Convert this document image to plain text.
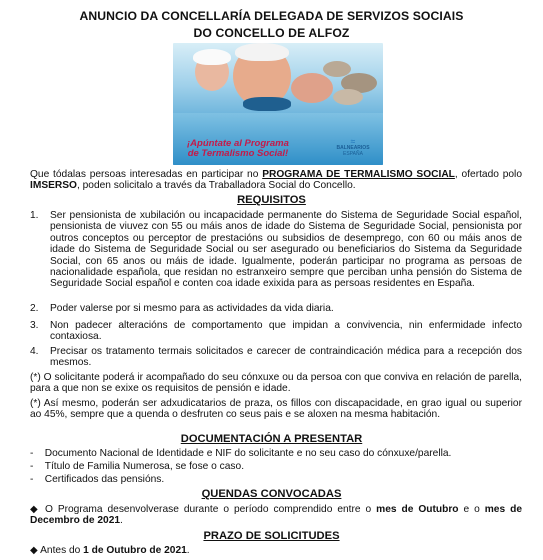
ANUNCIO DA CONCELLARÍA DELEGADA DE SERVIZOS SOCIAIS
DO CONCELLO DE ALFOZ
≈
BALNEARIOS
ESPAÑA
¡Apúntate al Programa
de Termalismo Social!
Que tódalas persoas interesadas en participar no PROGRAMA DE TERMALISMO SOCIAL, ofertado polo IMSERSO, poden solicitalo a través da Traballadora Social do Concello.
REQUISITOS
1. Ser pensionista de xubilación ou incapacidade permanente do Sistema de Seguridade Social español, pensionista de viuvez con 55 ou máis anos de idade do Sistema de Seguridade Social, pensionista por outros conceptos ou perceptor de prestacións ou subsidios de desemprego, con 60 ou máis anos de idade do Sistema de Seguridade Social ou ser asegurado ou beneficiarios do Sistema da Seguridade Social, con 65 anos ou máis de idade. Igualmente, poderán participar no programa as persoas de nacionalidade española, que residan no estranxeiro sempre que perciban unha pensión do Sistema de Seguridade Social español e conten coa idade exixida para as persoas residentes en España.
2. Poder valerse por si mesmo para as actividades da vida diaria.
3. Non padecer alteracións de comportamento que impidan a convivencia, nin enfermidade infecto contaxiosa.
4. Precisar os tratamento termais solicitados e carecer de contraindicación médica para a recepción dos mesmos.
(*) O solicitante poderá ir acompañado do seu cónxuxe ou da persoa con que conviva en relación de parella, para a que non se exixe os requisitos de pensión e idade.
(*) Así mesmo, poderán ser adxudicatarios de praza, os fillos con discapacidade, en grao igual ou superior ao 45%, sempre que a quenda o desfruten co seus pais e se aloxen na mesma habitación.
DOCUMENTACIÓN A PRESENTAR
-    Documento Nacional de Identidade e NIF do solicitante e no seu caso do cónxuxe/parella.
-    Título de Familia Numerosa, se fose o caso.
-    Certificados das pensións.
QUENDAS CONVOCADAS
◆ O Programa desenvolverase durante o período comprendido entre o mes de Outubro e o mes de Decembro de 2021.
PRAZO DE SOLICITUDES
◆ Antes do 1 de Outubro de 2021.
